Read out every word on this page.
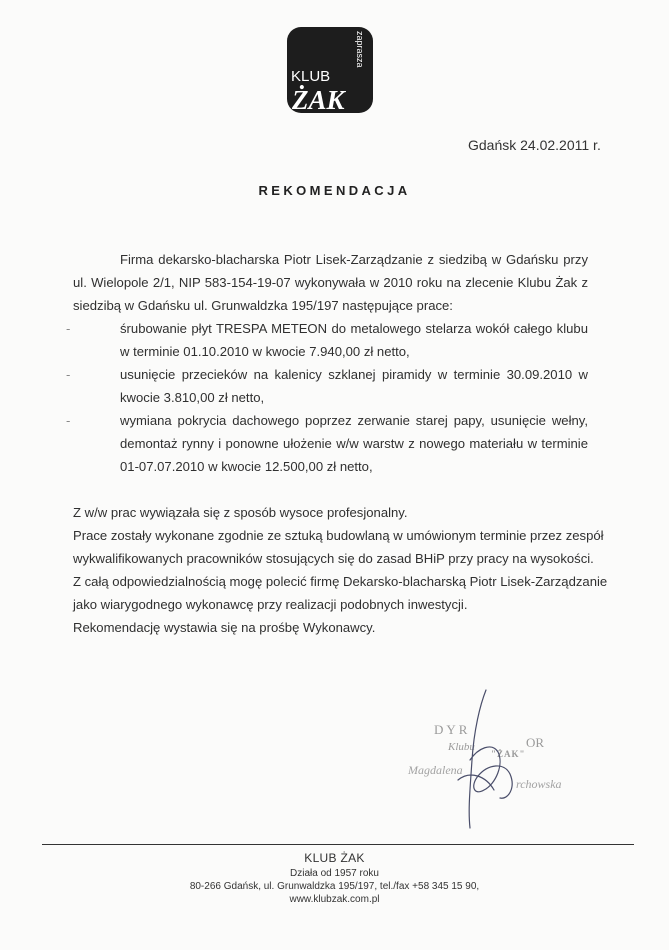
KLUB
ŻAK
zaprasza
Gdańsk 24.02.2011 r.
REKOMENDACJA
Firma dekarsko-blacharska Piotr Lisek-Zarządzanie z siedzibą w Gdańsku przy ul. Wielopole 2/1, NIP 583-154-19-07 wykonywała w 2010 roku na zlecenie Klubu Żak z siedzibą w Gdańsku ul. Grunwaldzka 195/197 następujące prace:
-	śrubowanie płyt TRESPA METEON do metalowego stelarza wokół całego klubu w terminie 01.10.2010 w kwocie 7.940,00 zł netto,
-	usunięcie przecieków na kalenicy szklanej piramidy w terminie 30.09.2010 w kwocie 3.810,00 zł netto,
-	wymiana pokrycia dachowego poprzez zerwanie starej papy, usunięcie wełny, demontaż rynny i ponowne ułożenie w/w warstw z nowego materiału w terminie 01-07.07.2010 w kwocie 12.500,00 zł netto,
Z w/w prac wywiązała się z sposób wysoce profesjonalny.
Prace zostały wykonane zgodnie ze sztuką budowlaną w umówionym terminie przez zespół
wykwalifikowanych pracowników stosujących się do zasad BHiP przy pracy na wysokości.
Z całą odpowiedzialnością mogę polecić firmę Dekarsko-blacharską Piotr Lisek-Zarządzanie
jako wiarygodnego wykonawcę przy realizacji podobnych inwestycji.
Rekomendację wystawia się na prośbę Wykonawcy.
DYR
OR
Klubu
"ŻAK"
Magdalena
rchowska
KLUB ŻAK
Działa od 1957 roku
80-266 Gdańsk, ul. Grunwaldzka 195/197, tel./fax +58 345 15 90,
www.klubzak.com.pl
